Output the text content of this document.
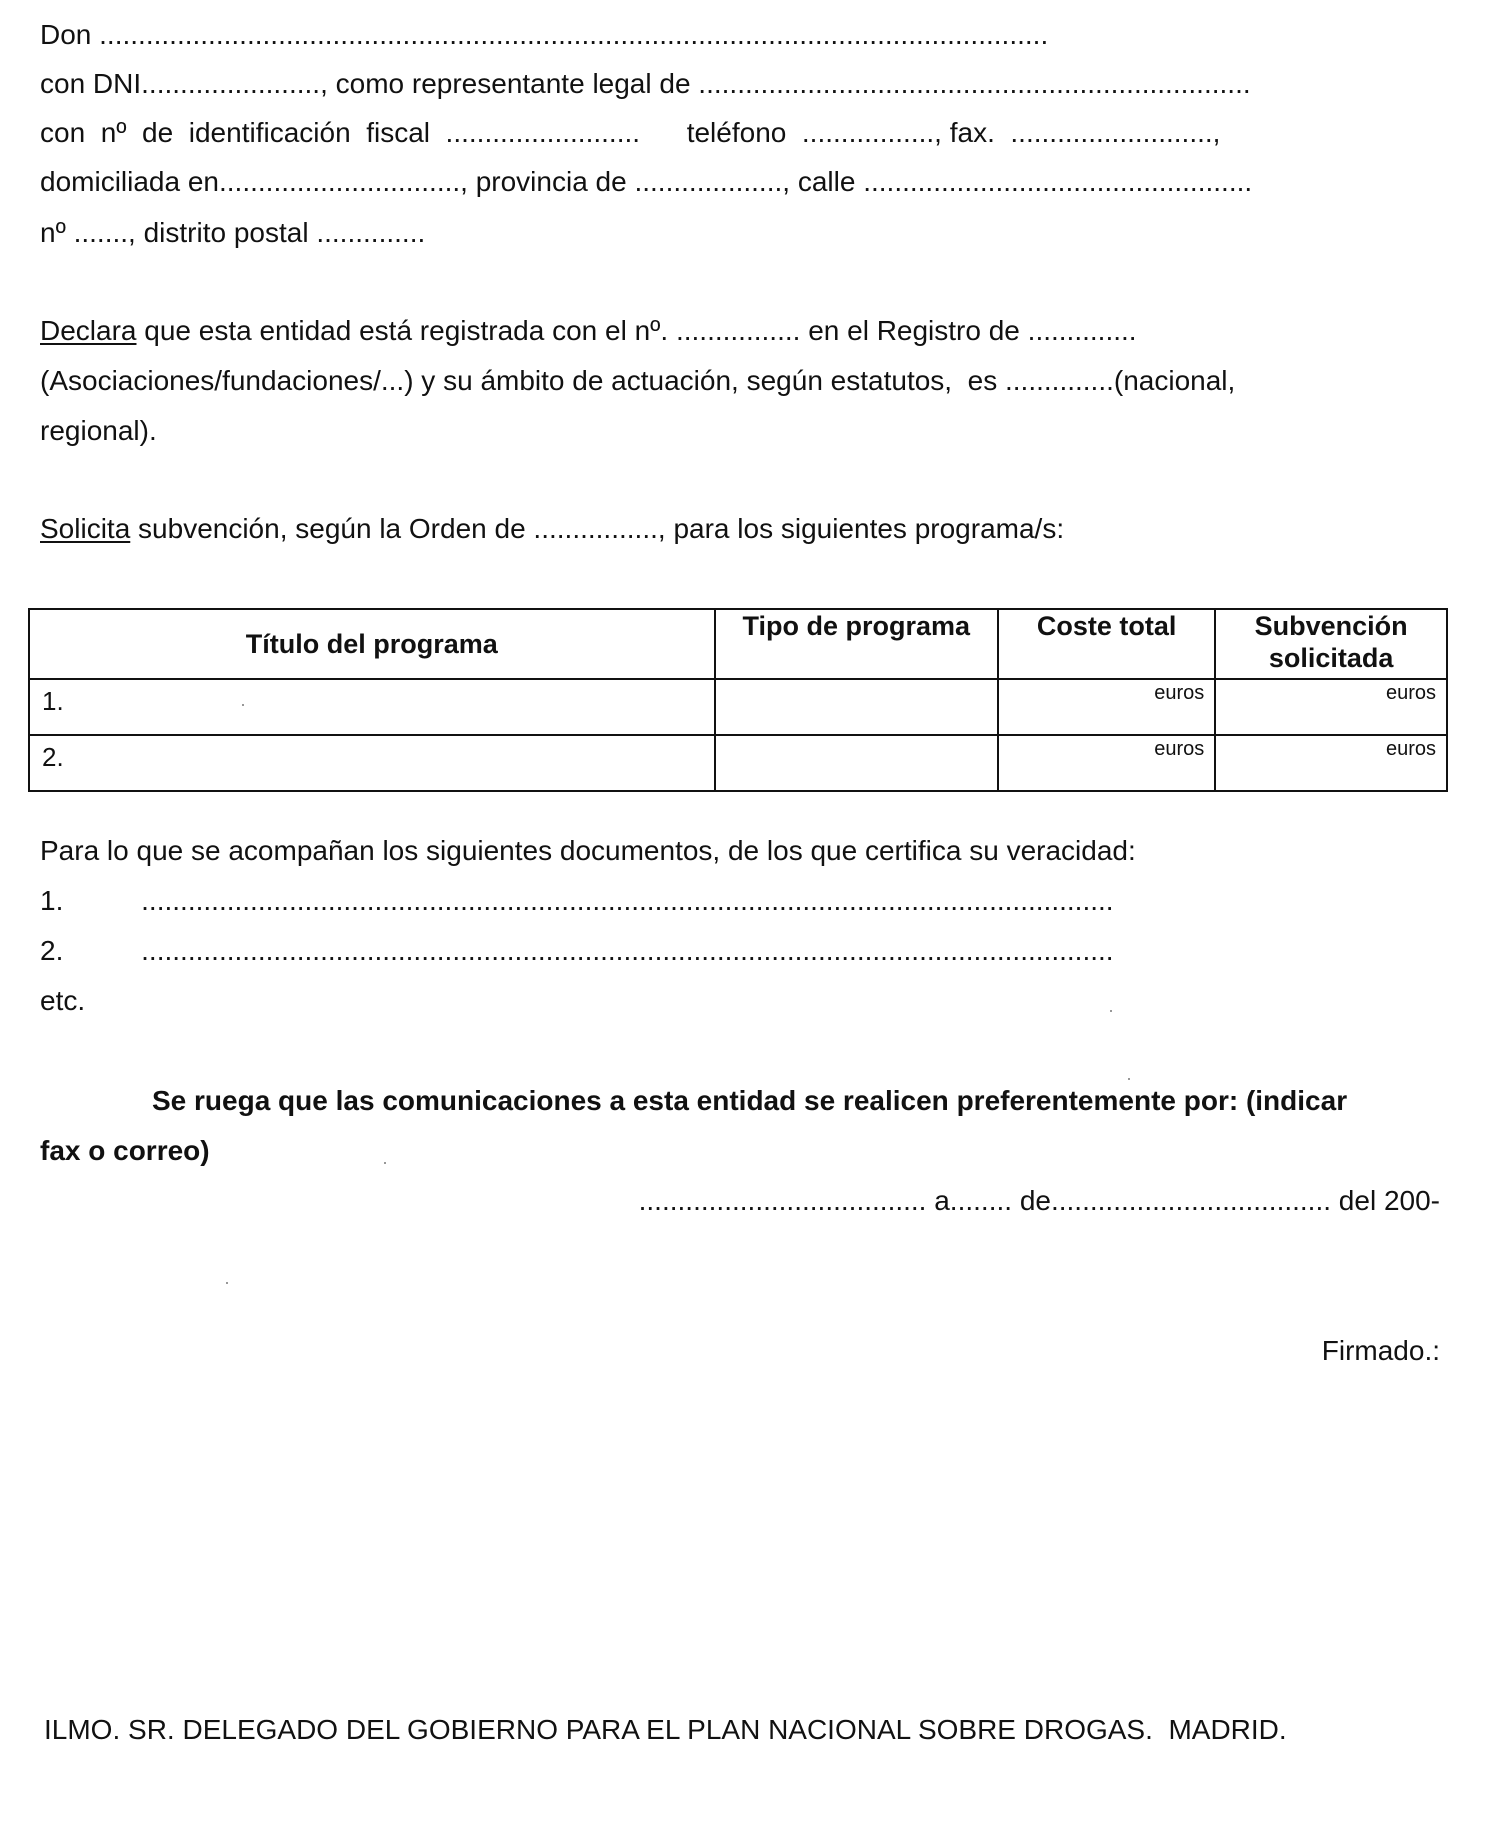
Don ..........................................................................................................................
con DNI......................., como representante legal de .......................................................................
con  nº  de  identificación  fiscal  .........................      teléfono  ................., fax.  ..........................,
domiciliada en..............................., provincia de ..................., calle ..................................................
nº ......., distrito postal ..............
Declara que esta entidad está registrada con el nº. ................ en el Registro de ..............
(Asociaciones/fundaciones/...) y su ámbito de actuación, según estatutos,  es ..............(nacional,
regional).
Solicita subvención, según la Orden de ................, para los siguientes programa/s:
Título del programa	Tipo de programa	Coste total	Subvención solicitada
1.		euros	euros
2.		euros	euros
Para lo que se acompañan los siguientes documentos, de los que certifica su veracidad:
1.          .............................................................................................................................
2.          .............................................................................................................................
etc.
Se ruega que las comunicaciones a esta entidad se realicen preferentemente por: (indicar
fax o correo)
..................................... a........ de.................................... del 200-
Firmado.:
ILMO. SR. DELEGADO DEL GOBIERNO PARA EL PLAN NACIONAL SOBRE DROGAS.  MADRID.
